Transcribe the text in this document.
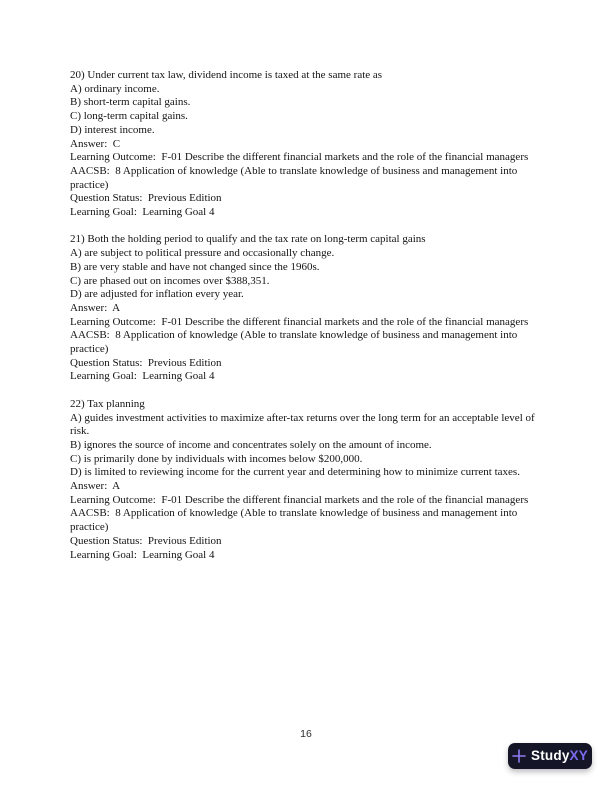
20) Under current tax law, dividend income is taxed at the same rate as
A) ordinary income.
B) short-term capital gains.
C) long-term capital gains.
D) interest income.
Answer:  C
Learning Outcome:  F-01 Describe the different financial markets and the role of the financial managers
AACSB:  8 Application of knowledge (Able to translate knowledge of business and management into practice)
Question Status:  Previous Edition
Learning Goal:  Learning Goal 4
21) Both the holding period to qualify and the tax rate on long-term capital gains
A) are subject to political pressure and occasionally change.
B) are very stable and have not changed since the 1960s.
C) are phased out on incomes over $388,351.
D) are adjusted for inflation every year.
Answer:  A
Learning Outcome:  F-01 Describe the different financial markets and the role of the financial managers
AACSB:  8 Application of knowledge (Able to translate knowledge of business and management into practice)
Question Status:  Previous Edition
Learning Goal:  Learning Goal 4
22) Tax planning
A) guides investment activities to maximize after-tax returns over the long term for an acceptable level of risk.
B) ignores the source of income and concentrates solely on the amount of income.
C) is primarily done by individuals with incomes below $200,000.
D) is limited to reviewing income for the current year and determining how to minimize current taxes.
Answer:  A
Learning Outcome:  F-01 Describe the different financial markets and the role of the financial managers
AACSB:  8 Application of knowledge (Able to translate knowledge of business and management into practice)
Question Status:  Previous Edition
Learning Goal:  Learning Goal 4
16
StudyXY
